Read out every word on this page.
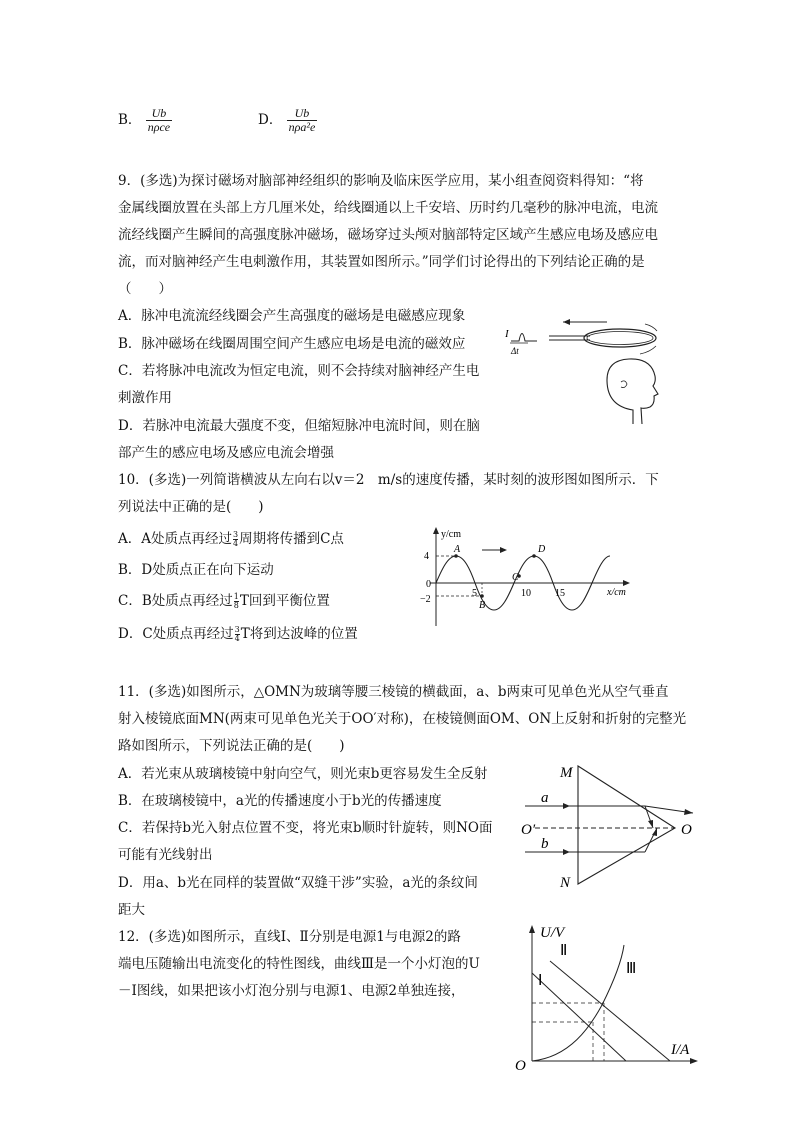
B． $\frac{Ub}{\text{nρce}}$	D． $\frac{Ub}{\text{nρa²e}}$
9．(多选)为探讨磁场对脑部神经组织的影响及临床医学应用，某小组查阅资料得知：“将
金属线圈放置在头部上方几厘米处，给线圈通以上千安培、历时约几毫秒的脉冲电流，电流
流经线圈产生瞬间的高强度脉冲磁场，磁场穿过头颅对脑部特定区域产生感应电场及感应电
流，而对脑神经产生电刺激作用，其装置如图所示。”同学们讨论得出的下列结论正确的是
（　　）
A．脉冲电流流经线圈会产生高强度的磁场是电磁感应现象
B．脉冲磁场在线圈周围空间产生感应电场是电流的磁效应
C．若将脉冲电流改为恒定电流，则不会持续对脑神经产生电
刺激作用
D．若脉冲电流最大强度不变，但缩短脉冲电流时间，则在脑
部产生的感应电场及感应电流会增强
I
Δt
10．(多选)一列简谐横波从左向右以v＝2　m/s的速度传播，某时刻的波形图如图所示．下
列说法中正确的是(　　)
A．A处质点再经过 $\frac{3}{4}$ 周期将传播到C点
B．D处质点正在向下运动
C．B处质点再经过 $\frac{1}{8}$ T回到平衡位置
D．C处质点再经过 $\frac{3}{4}$ T将到达波峰的位置
y/cm
x/cm
4
0
−2
A
B
C
D
5	10 15
11．(多选)如图所示，△OMN为玻璃等腰三棱镜的横截面，a、b两束可见单色光从空气垂直
射入棱镜底面MN(两束可见单色光关于OO′对称)，在棱镜侧面OM、ON上反射和折射的完整光
路如图所示，下列说法正确的是(　　)
A．若光束从玻璃棱镜中射向空气，则光束b更容易发生全反射
B．在玻璃棱镜中，a光的传播速度小于b光的传播速度
C．若保持b光入射点位置不变，将光束b顺时针旋转，则NO面
可能有光线射出
D．用a、b光在同样的装置做“双缝干涉”实验，a光的条纹间
距大
M
N
O
O′
a
b
12．(多选)如图所示，直线Ⅰ、Ⅱ分别是电源1与电源2的路
端电压随输出电流变化的特性图线，曲线Ⅲ是一个小灯泡的U
－I图线，如果把该小灯泡分别与电源1、电源2单独连接，
U/V
I/A
O
Ⅰ
Ⅱ
Ⅲ
